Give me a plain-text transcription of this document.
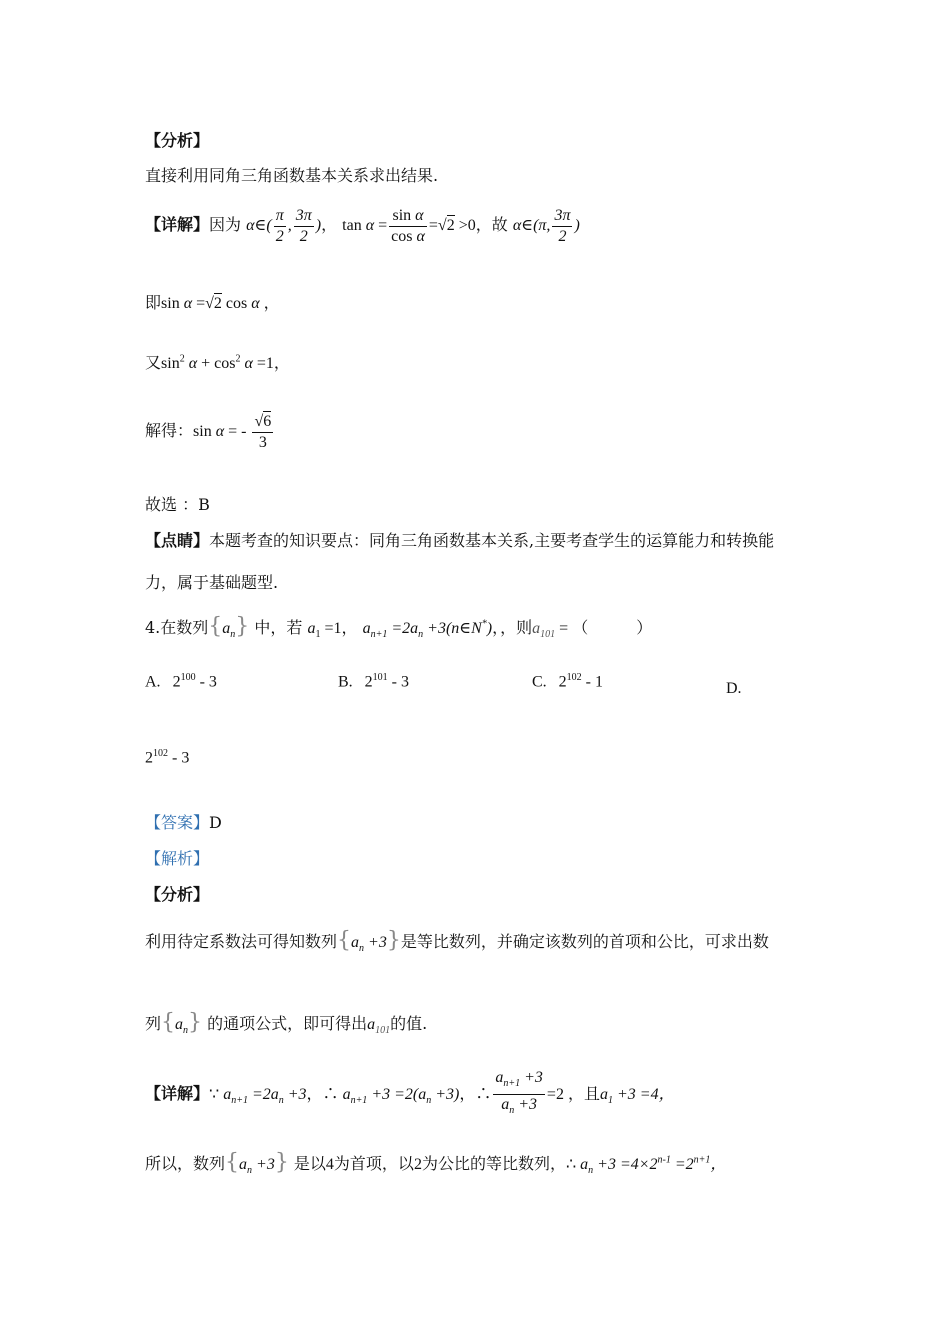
【分析】
直接利用同角三角函数基本关系求出结果.
【详解】因为 α∈( $\frac{\pi}{2}$ , $\frac{3\pi}{2}$ )， $\tan \alpha = \frac{\text{sin α}}{\text{cos α}} =√2 >0$，故 α∈(π, $\frac{3\pi}{2}$ )
即sin α =√2 cos α ，
又$\sin^2 \alpha + \cos^2 \alpha =1$，
解得：sin α = - $\frac{√6}{3}$
故选 ：B
【点睛】本题考查的知识要点：同角三角函数基本关系,主要考查学生的运算能力和转换能
力，属于基础题型.
4.在数列$\{a_n\}$ 中，若 $a_1 =1$， $a_{n+1} =2a_n$ +3(n∈N*)，，则$a_{101}$ = （　　　）
A.   $2^{100} - 3$	B.   $2^{101} - 3$	C.   $2^{102} - 1$	D.
$2^{102} - 3$
【答案】D
【解析】
【分析】
利用待定系数法可得知数列$\{a_n +3\}$是等比数列，并确定该数列的首项和公比，可求出数
列$\{a_n\}$ 的通项公式，即可得出$a_{101}$的值.
【详解】∵ $a_{n+1} =2a_n +3$，∴ $a_{n+1} +3 =2(a_n +3)$，∴ $\frac{a_{n+1} +3}{a_n +3} =2$ ，且$a_1 +3 =4$，
所以，数列$\{a_n +3\}$ 是以4为首项，以2为公比的等比数列，∴ $a_n +3 =4\times 2^{n-1} =2^{n+1}$，
